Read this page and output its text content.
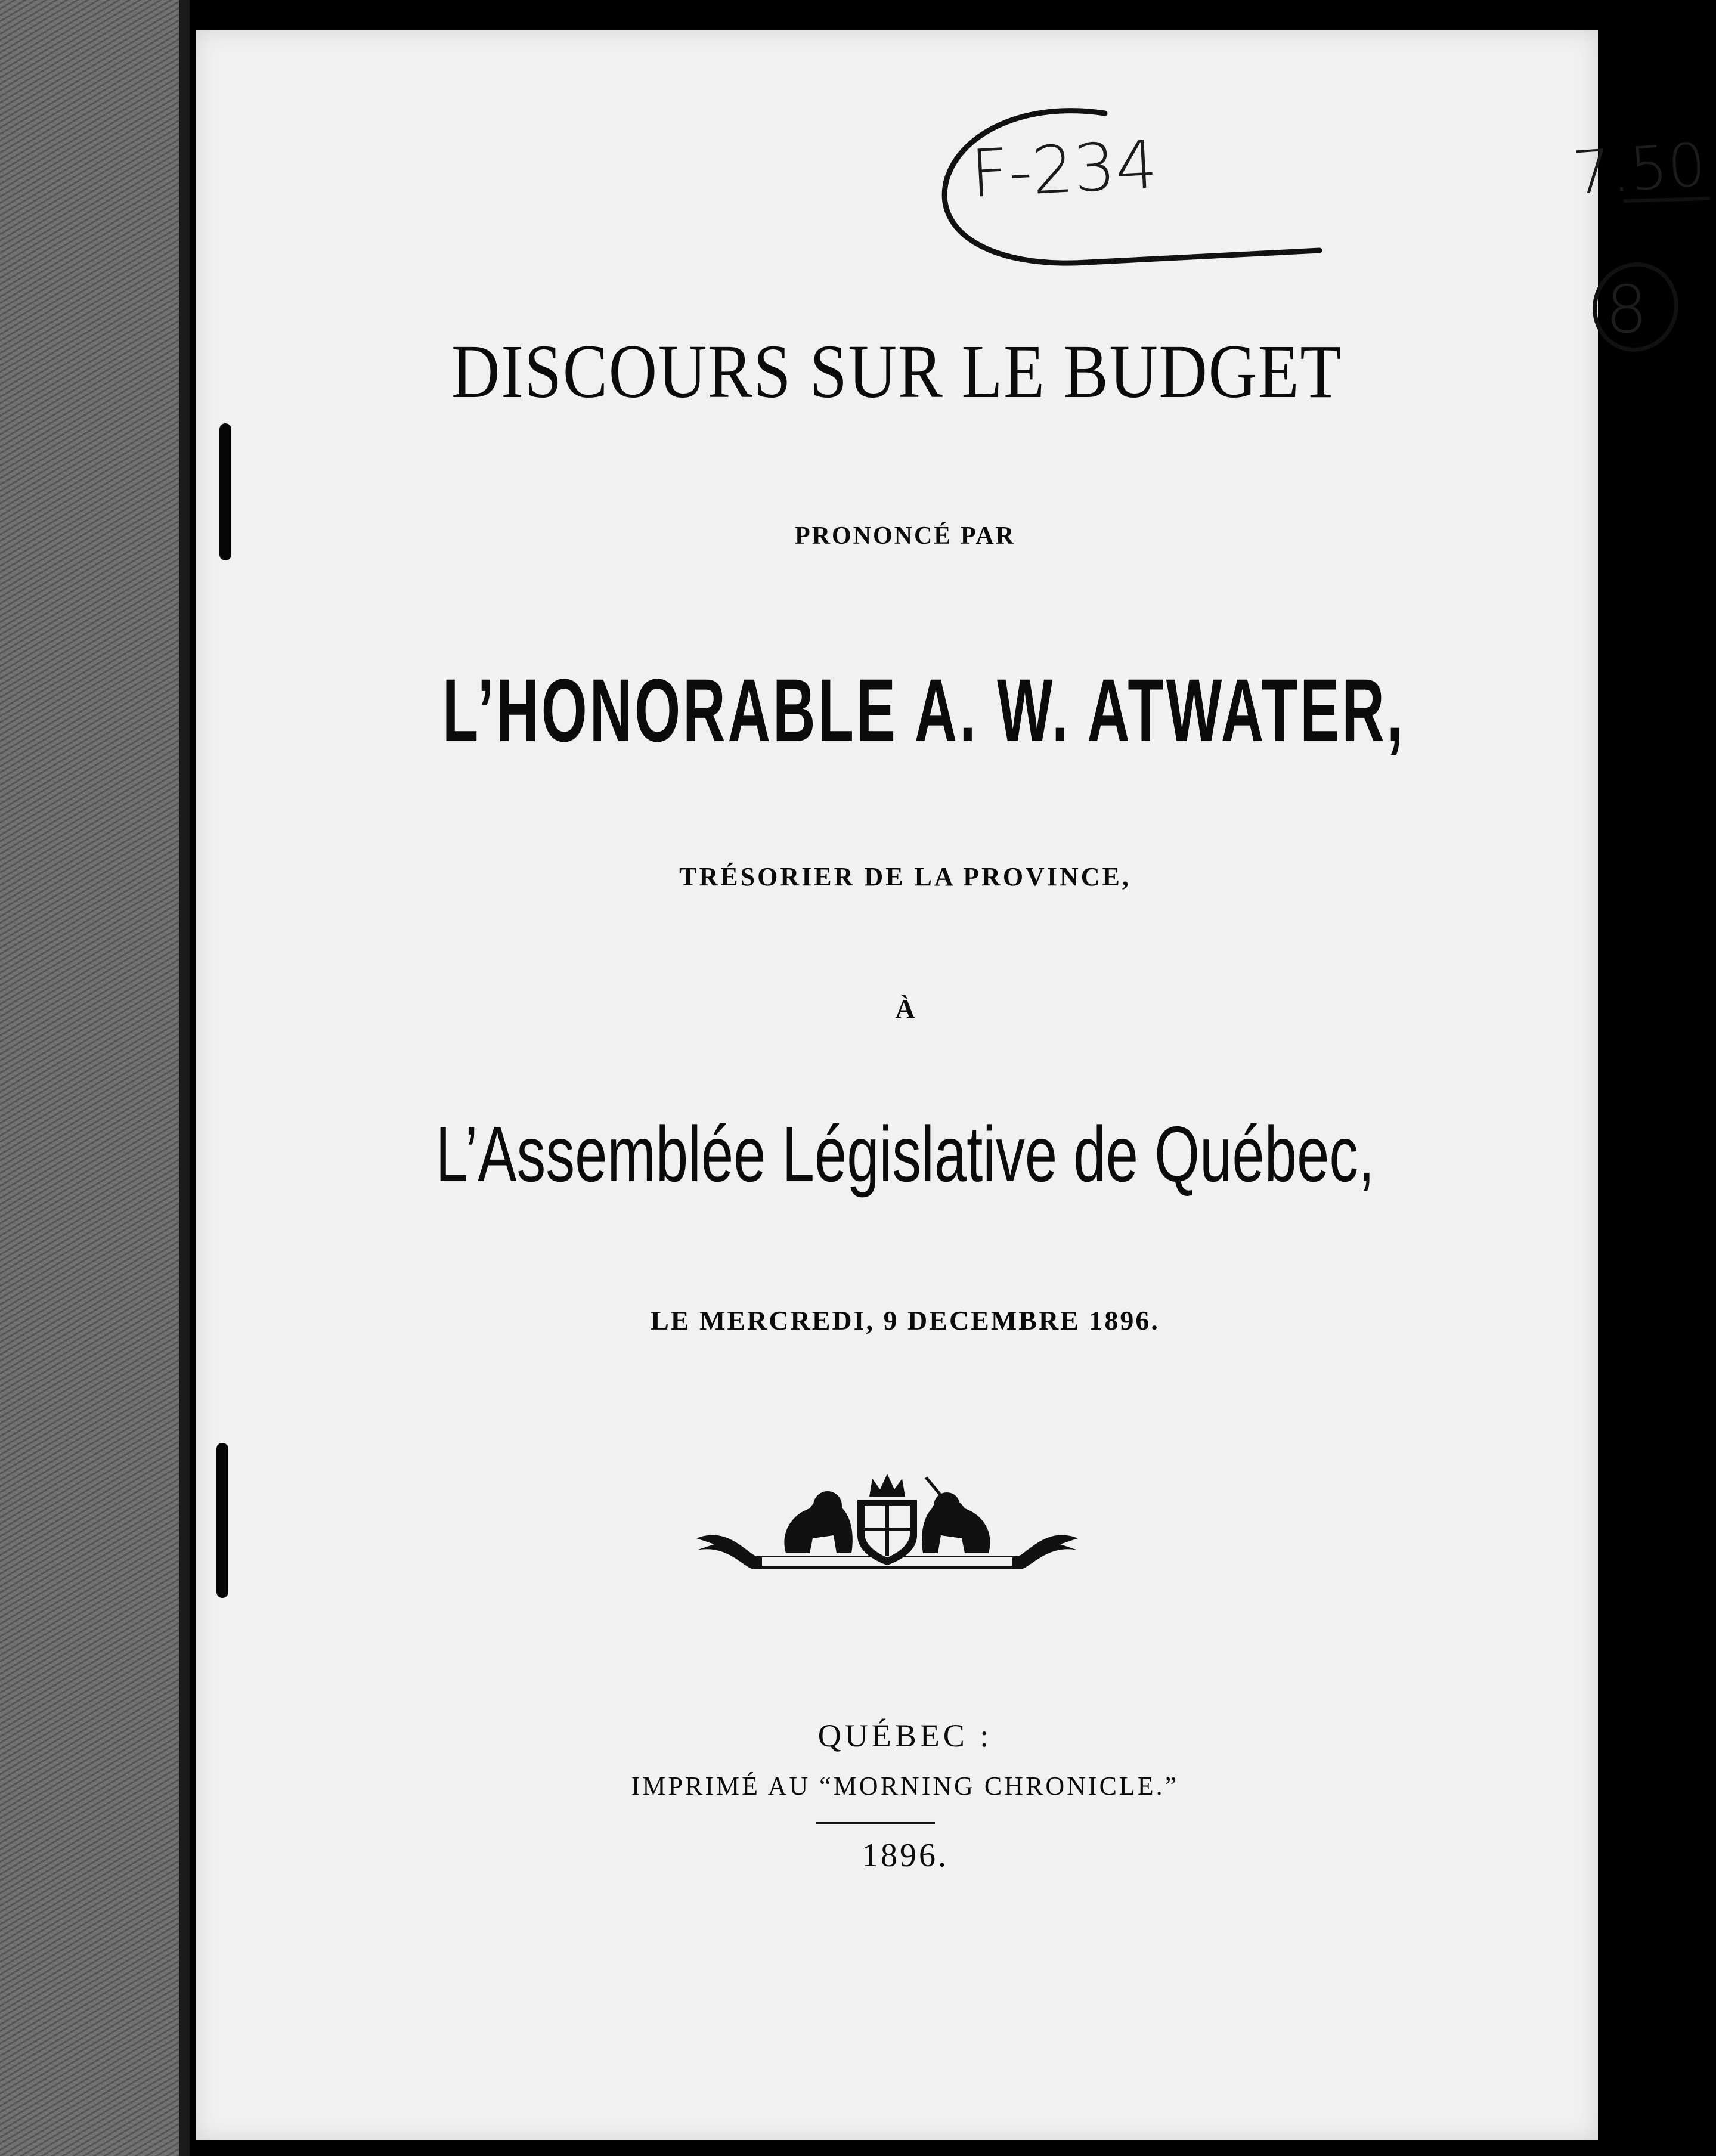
F-234	7.50
8
DISCOURS SUR LE BUDGET
PRONONCÉ PAR
L’HONORABLE A. W. ATWATER,
TRÉSORIER DE LA PROVINCE,
À
L’Assemblée Législative de Québec,
LE MERCREDI, 9 DECEMBRE 1896.
QUÉBEC :
IMPRIMÉ AU “MORNING CHRONICLE.”
1896.
